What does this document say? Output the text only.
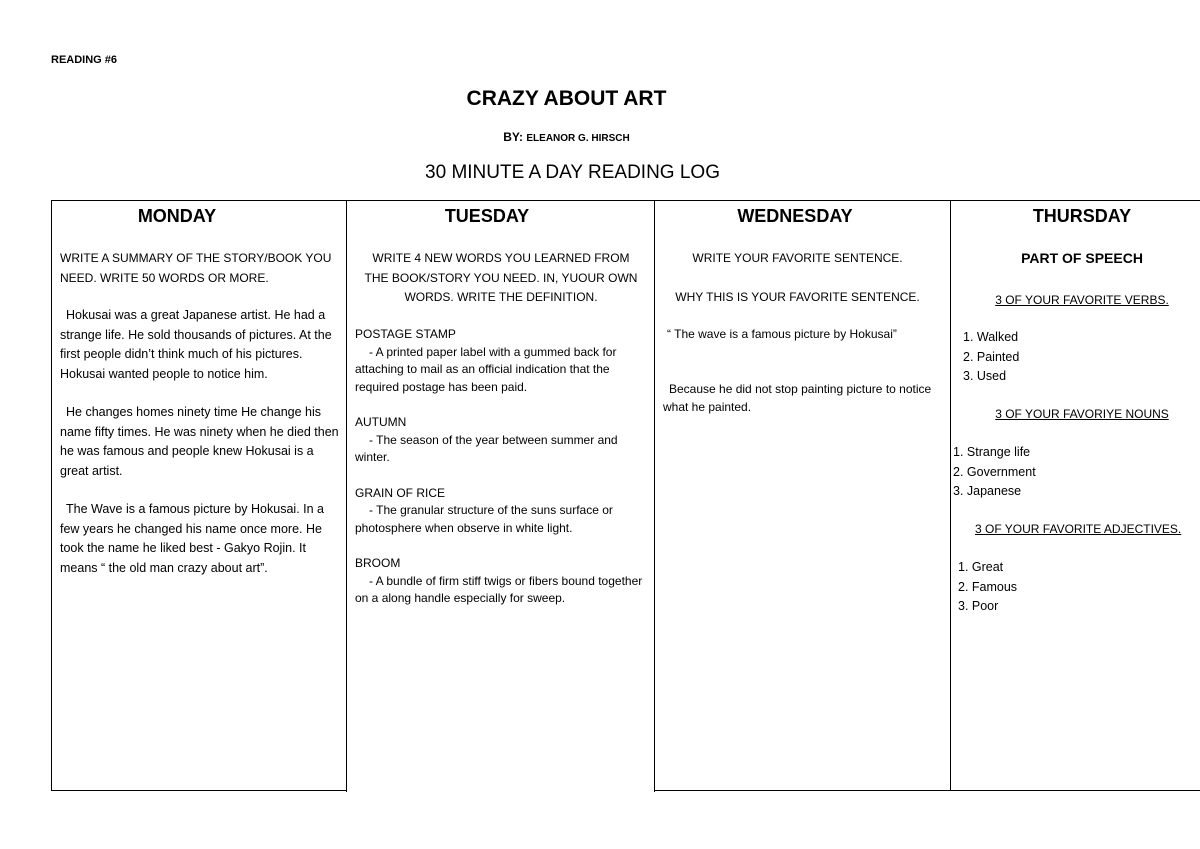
READING #6
CRAZY ABOUT ART
BY: ELEANOR G. HIRSCH
30 MINUTE A DAY READING LOG
MONDAY
WRITE A SUMMARY OF THE STORY/BOOK YOU NEED. WRITE 50 WORDS OR MORE.

Hokusai was a great Japanese artist. He had a strange life. He sold thousands of pictures. At the first people didn’t think much of his pictures. Hokusai wanted people to notice him.

He changes homes ninety time He change his name fifty times. He was ninety when he died then he was famous and people knew Hokusai is a great artist.

The Wave is a famous picture by Hokusai. In a few years he changed his name once more. He took the name he liked best - Gakyo Rojin. It means “ the old man crazy about art”.

TUESDAY
WRITE 4 NEW WORDS YOU LEARNED FROM THE BOOK/STORY YOU NEED. IN, YUOUR OWN WORDS. WRITE THE DEFINITION.
POSTAGE STAMP
- A printed paper label with a gummed back for attaching to mail as an official indication that the required postage has been paid.
AUTUMN
- The season of the year between summer and winter.
GRAIN OF RICE
- The granular structure of the suns surface or photosphere when observe in white light.
BROOM
- A bundle of firm stiff twigs or fibers bound together on a along handle especially for sweep.
WEDNESDAY
WRITE YOUR FAVORITE SENTENCE.
WHY THIS IS YOUR FAVORITE SENTENCE.
“ The wave is a famous picture by Hokusai”
Because he did not stop painting picture to notice what he painted.
THURSDAY
PART OF SPEECH
3 OF YOUR FAVORITE VERBS.
1. Walked
2. Painted
3. Used
3 OF YOUR FAVORIYE NOUNS
1. Strange life
2. Government
3. Japanese
3 OF YOUR FAVORITE ADJECTIVES.
1. Great
2. Famous
3. Poor
